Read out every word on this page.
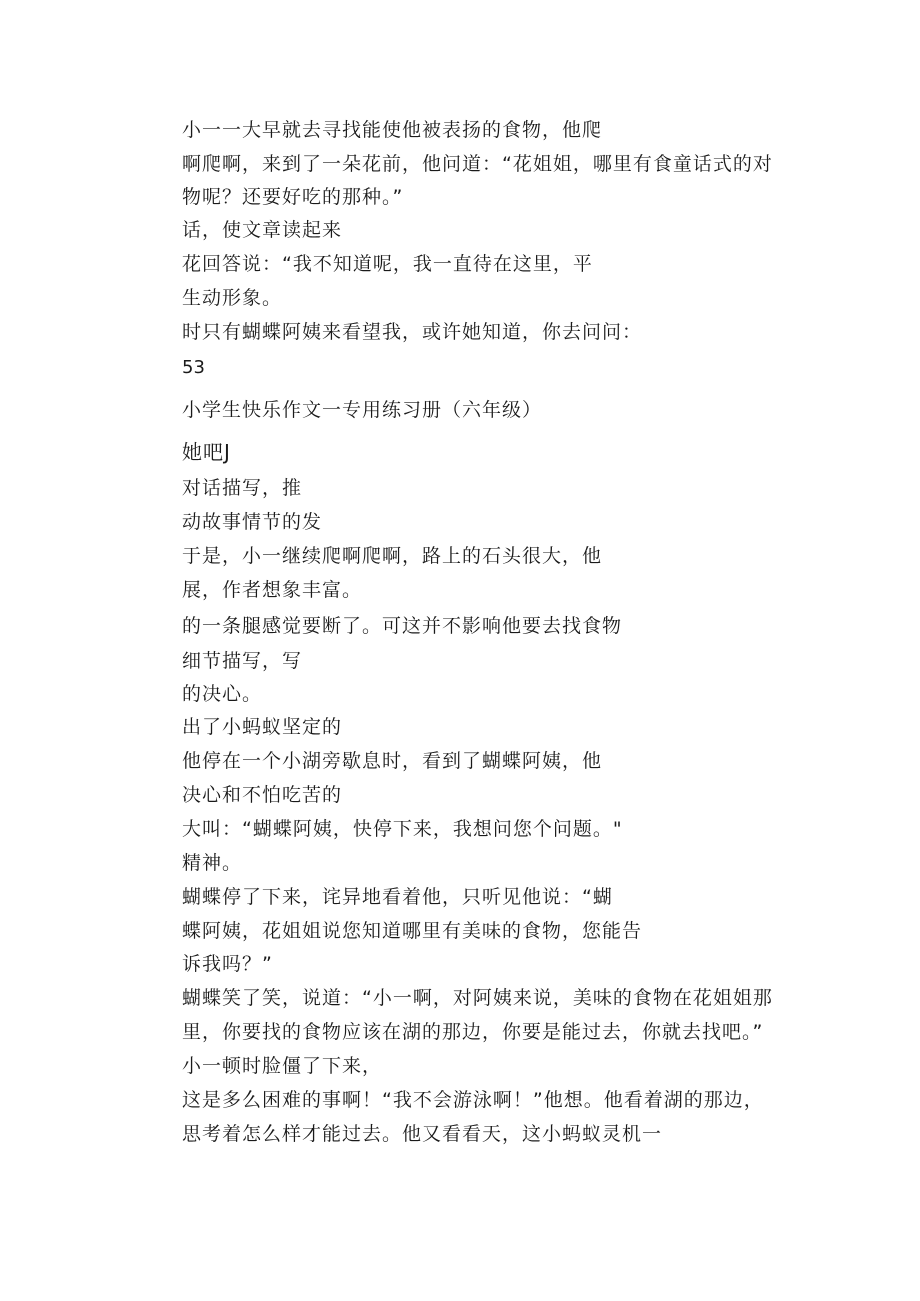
小一一大早就去寻找能使他被表扬的食物，他爬
啊爬啊，来到了一朵花前，他问道：“花姐姐，哪里有食童话式的对
物呢？还要好吃的那种。”
话，使文章读起来
花回答说：“我不知道呢，我一直待在这里，平
生动形象。
时只有蝴蝶阿姨来看望我，或许她知道，你去问问：
53
小学生快乐作文一专用练习册（六年级）
她吧J
对话描写，推
动故事情节的发
于是，小一继续爬啊爬啊，路上的石头很大，他
展，作者想象丰富。
的一条腿感觉要断了。可这并不影响他要去找食物
细节描写，写
的决心。
出了小蚂蚁坚定的
他停在一个小湖旁歇息时，看到了蝴蝶阿姨，他
决心和不怕吃苦的
大叫：“蝴蝶阿姨，快停下来，我想问您个问题。"
精神。
蝴蝶停了下来，诧异地看着他，只听见他说：“蝴
蝶阿姨，花姐姐说您知道哪里有美味的食物，您能告
诉我吗？”
蝴蝶笑了笑，说道：“小一啊，对阿姨来说，美味的食物在花姐姐那
里，你要找的食物应该在湖的那边，你要是能过去，你就去找吧。”
小一顿时脸僵了下来，
这是多么困难的事啊！“我不会游泳啊！”他想。他看着湖的那边，
思考着怎么样才能过去。他又看看天，这小蚂蚁灵机一
